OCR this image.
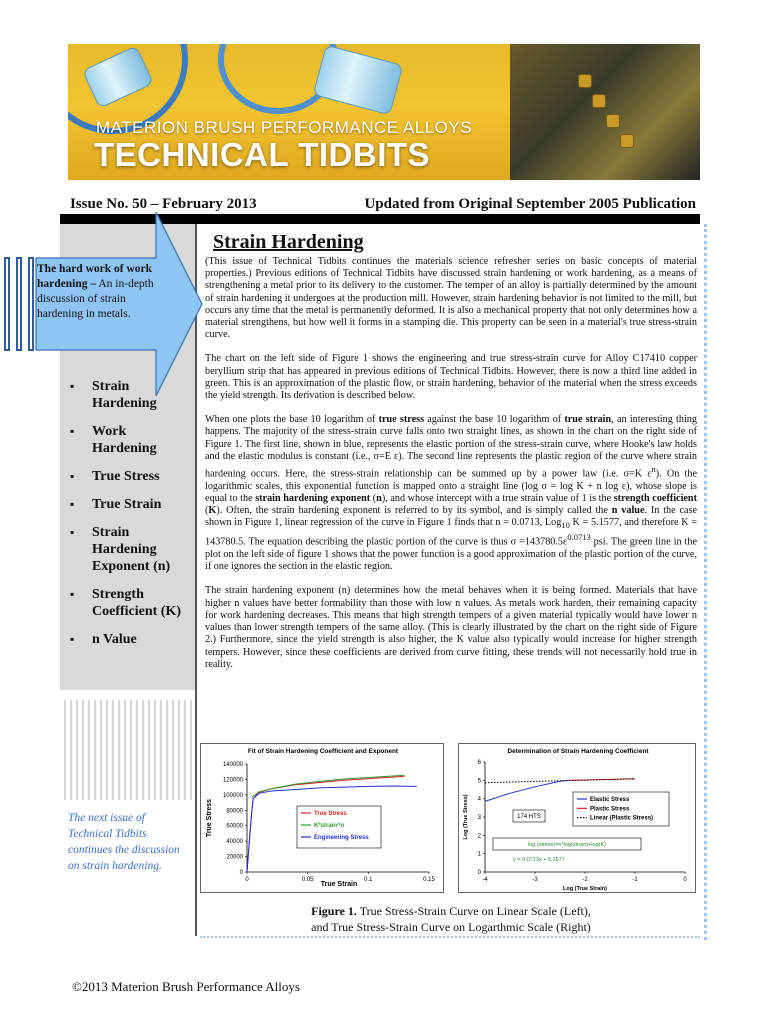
MATERION BRUSH PERFORMANCE ALLOYS
TECHNICAL TIDBITS
Issue No. 50 – February 2013	Updated from Original September 2005 Publication
The hard work of work hardening – An in-depth discussion of strain hardening in metals.
▪ Strain Hardening
▪ Work Hardening
▪ True Stress
▪ True Strain
▪ Strain Hardening Exponent (n)
▪ Strength Coefficient (K)
▪ n Value
The next issue of Technical Tidbits continues the discussion on strain hardening.
Strain Hardening

(This issue of Technical Tidbits continues the materials science refresher series on basic concepts of material properties.) Previous editions of Technical Tidbits have discussed strain hardening or work hardening, as a means of strengthening a metal prior to its delivery to the customer. The temper of an alloy is partially determined by the amount of strain hardening it undergoes at the production mill. However, strain hardening behavior is not limited to the mill, but occurs any time that the metal is permanently deformed. It is also a mechanical property that not only determines how a material strengthens, but how well it forms in a stamping die. This property can be seen in a material's true stress-strain curve.

The chart on the left side of Figure 1 shows the engineering and true stress-strain curve for Alloy C17410 copper beryllium strip that has appeared in previous editions of Technical Tidbits. However, there is now a third line added in green. This is an approximation of the plastic flow, or strain hardening, behavior of the material when the stress exceeds the yield strength. Its derivation is described below.

When one plots the base 10 logarithm of true stress against the base 10 logarithm of true strain, an interesting thing happens. The majority of the stress-strain curve falls onto two straight lines, as shown in the chart on the right side of Figure 1. The first line, shown in blue, represents the elastic portion of the stress-strain curve, where Hooke's law holds and the elastic modulus is constant (i.e., σ=E ε). The second line represents the plastic region of the curve where strain hardening occurs. Here, the stress-strain relationship can be summed up by a power law (i.e. σ=K $\varepsilon^n$). On the logarithmic scales, this exponential function is mapped onto a straight line (log σ = log K + n log ε), whose slope is equal to the strain hardening exponent (n), and whose intercept with a true strain value of 1 is the strength coefficient (K). Often, the strain hardening exponent is referred to by its symbol, and is simply called the n value. In the case shown in Figure 1, linear regression of the curve in Figure 1 finds that n = 0.0713, Log$_{10}$ K = 5.1577, and therefore K = 143780.5. The equation describing the plastic portion of the curve is thus $\sigma =143780.5\varepsilon^{0.0713}$ psi. The green line in the plot on the left side of figure 1 shows that the power function is a good approximation of the plastic portion of the curve, if one ignores the section in the elastic region.

The strain hardening exponent (n) determines how the metal behaves when it is being formed. Materials that have higher n values have better formability than those with low n values. As metals work harden, their remaining capacity for work hardening decreases. This means that high strength tempers of a given material typically would have lower n values than lower strength tempers of the same alloy. (This is clearly illustrated by the chart on the right side of Figure 2.) Furthermore, since the yield strength is also higher, the K value also typically would increase for higher strength tempers. However, since these coefficients are derived from curve fitting, these trends will not necessarily hold true in reality.

Fit of Strain Hardening Coefficient and Exponent
0
20000
40000
60000
80000
100000
120000
140000
0	0.05	0.1	0.15
True Strain
True Stress	True Stress
K*strain^n
Engineering Stress
Determination of Strain Hardening Coefficient
0
1
2
3
4
5
6
-4	-3	-2	-1	0
Log (True Strain)
Log (True Stress)	Elastic Stress
Plastic Stress
Linear (Plastic Stress)
174 HTS
log (stress)=n*log(strain)+log(K)
y = 0.0713x + 5.1577
Figure 1. True Stress-Strain Curve on Linear Scale (Left),
and True Stress-Strain Curve on Logarthmic Scale (Right)
©2013 Materion Brush Performance Alloys
